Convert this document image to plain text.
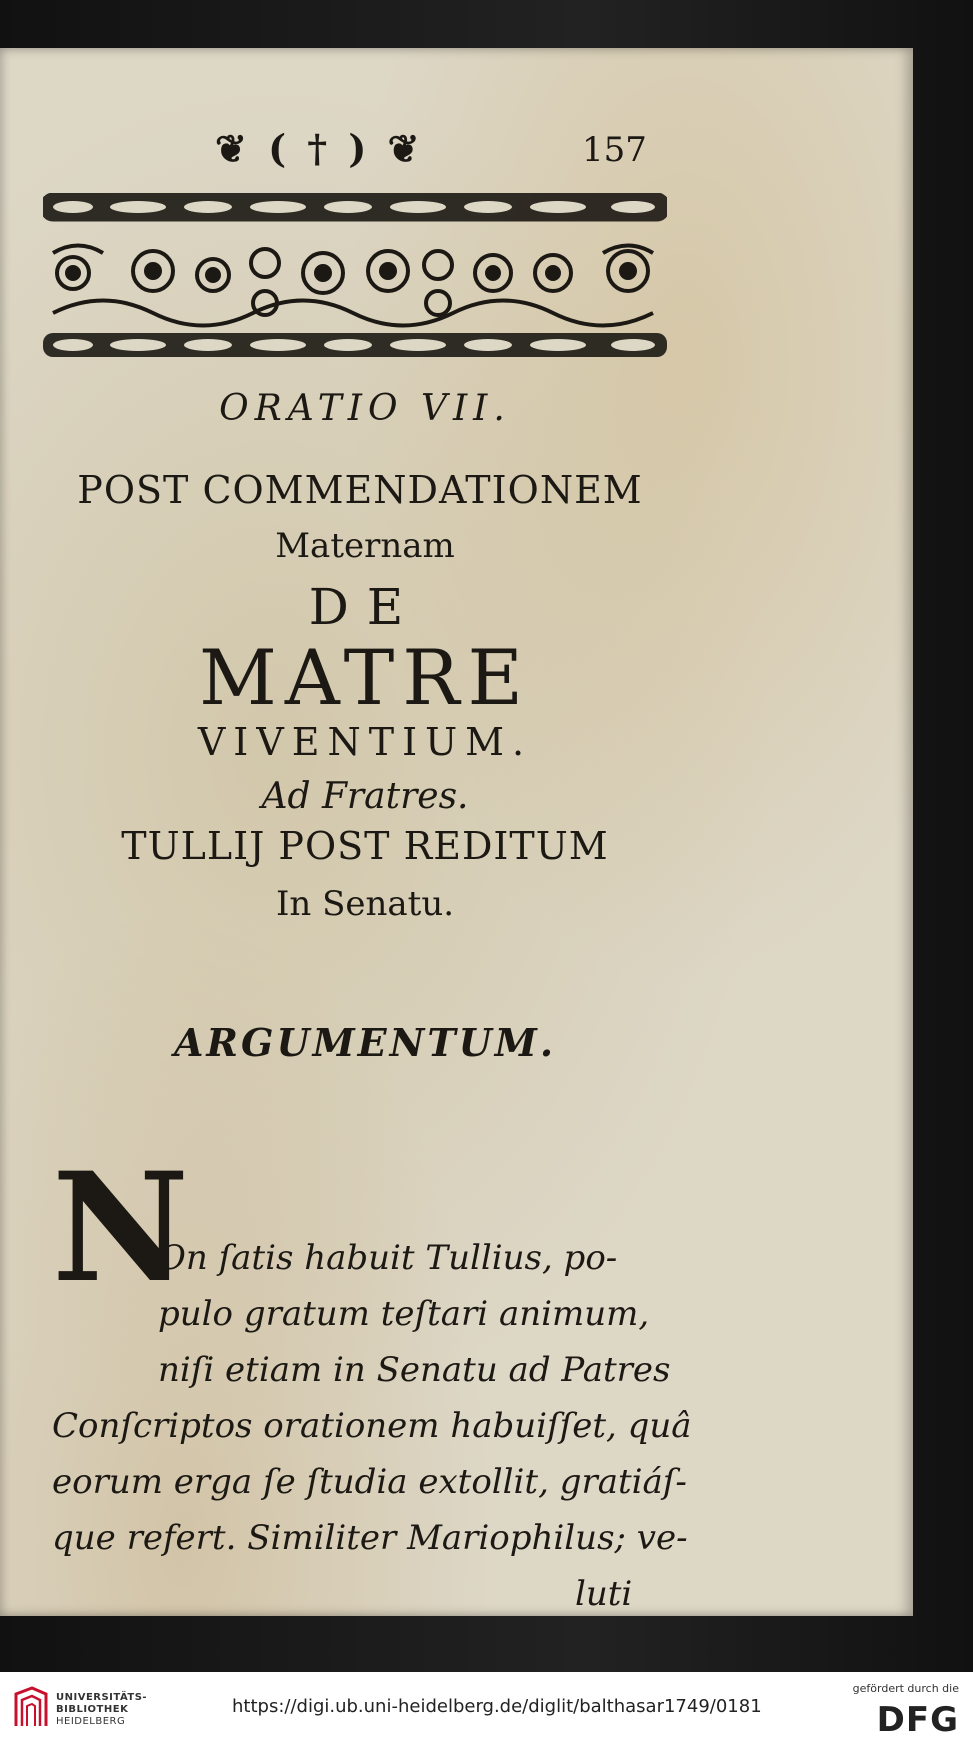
❦ ( † ) ❦	157
ORATIO VII.
POST COMMENDATIONEM
Maternam
DE
MATRE
VIVENTIUM.
Ad Fratres.
TULLIJ POST REDITUM
In Senatu.
ARGUMENTUM.
N
On ſatis habuit Tullius, po-
pulo gratum teſtari animum,
niſi etiam in Senatu ad Patres
Conſcriptos orationem habuiſſet, quâ
eorum erga ſe ſtudia extollit, gratiáſ-
que refert. Similiter Mariophilus; ve-
luti
UNIVERSITÄTS-
BIBLIOTHEK
HEIDELBERG
https://digi.ub.uni-heidelberg.de/diglit/balthasar1749/0181
gefördert durch die
DFG
